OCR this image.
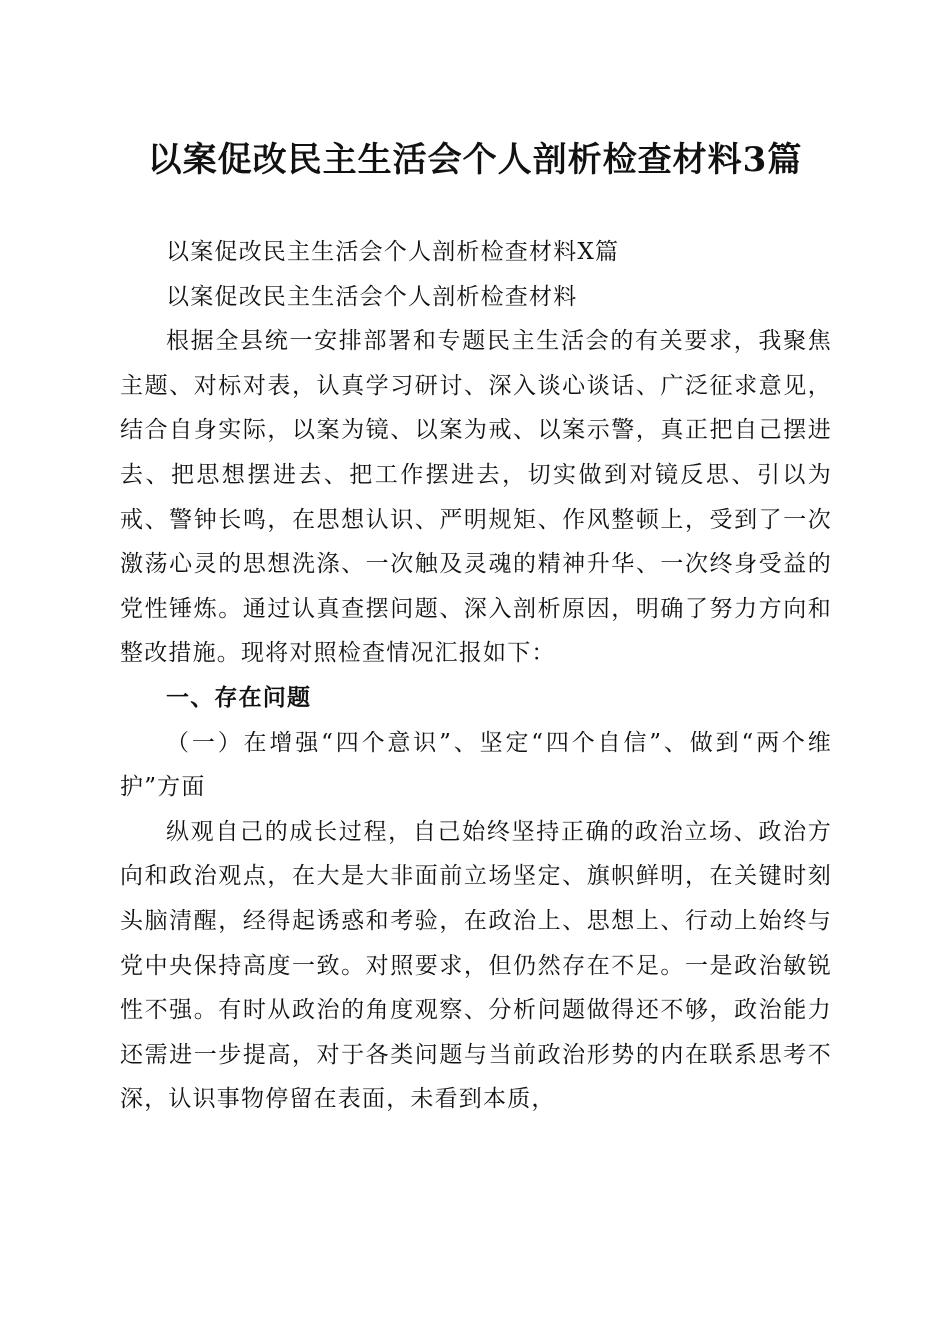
以案促改民主生活会个人剖析检查材料3篇

以案促改民主生活会个人剖析检查材料X篇

以案促改民主生活会个人剖析检查材料

根据全县统一安排部署和专题民主生活会的有关要求，我聚焦主题、对标对表，认真学习研讨、深入谈心谈话、广泛征求意见，结合自身实际，以案为镜、以案为戒、以案示警，真正把自己摆进去、把思想摆进去、把工作摆进去，切实做到对镜反思、引以为戒、警钟长鸣，在思想认识、严明规矩、作风整顿上，受到了一次激荡心灵的思想洗涤、一次触及灵魂的精神升华、一次终身受益的党性锤炼。通过认真查摆问题、深入剖析原因，明确了努力方向和整改措施。现将对照检查情况汇报如下：

一、存在问题

（一）在增强“四个意识”、坚定“四个自信”、做到“两个维护”方面

纵观自己的成长过程，自己始终坚持正确的政治立场、政治方向和政治观点，在大是大非面前立场坚定、旗帜鲜明，在关键时刻头脑清醒，经得起诱惑和考验，在政治上、思想上、行动上始终与党中央保持高度一致。对照要求，但仍然存在不足。一是政治敏锐性不强。有时从政治的角度观察、分析问题做得还不够，政治能力还需进一步提高，对于各类问题与当前政治形势的内在联系思考不深，认识事物停留在表面，未看到本质，
